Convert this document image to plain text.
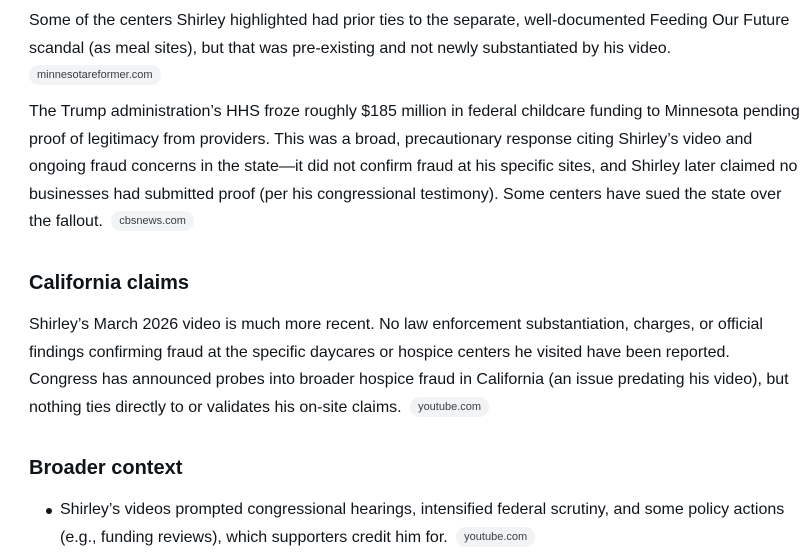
Some of the centers Shirley highlighted had prior ties to the separate, well-documented Feeding Our Future scandal (as meal sites), but that was pre-existing and not newly substantiated by his video.
minnesotareformer.com

The Trump administration’s HHS froze roughly $185 million in federal childcare funding to Minnesota pending proof of legitimacy from providers. This was a broad, precautionary response citing Shirley’s video and ongoing fraud concerns in the state—it did not confirm fraud at his specific sites, and Shirley later claimed no businesses had submitted proof (per his congressional testimony). Some centers have sued the state over the fallout. cbsnews.com

California claims

Shirley’s March 2026 video is much more recent. No law enforcement substantiation, charges, or official findings confirming fraud at the specific daycares or hospice centers he visited have been reported. Congress has announced probes into broader hospice fraud in California (an issue predating his video), but nothing ties directly to or validates his on-site claims. youtube.com

Broader context
Shirley’s videos prompted congressional hearings, intensified federal scrutiny, and some policy actions (e.g., funding reviews), which supporters credit him for. youtube.com
